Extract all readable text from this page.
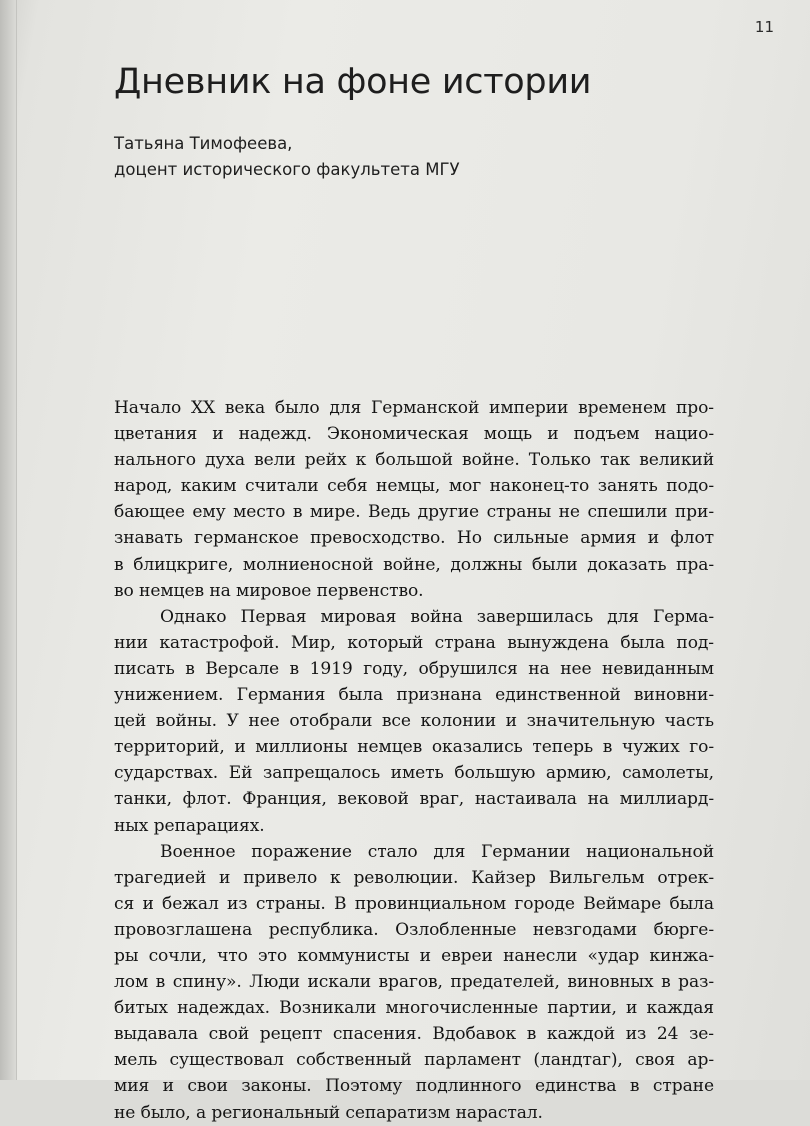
11
Дневник на фоне истории
Татьяна Тимофеева,
доцент исторического факультета МГУ
Начало XX века было для Германской империи временем про-
цветания и надежд. Экономическая мощь и подъем нацио-
нального духа вели рейх к большой войне. Только так великий
народ, каким считали себя немцы, мог наконец-то занять подо-
бающее ему место в мире. Ведь другие страны не спешили при-
знавать германское превосходство. Но сильные армия и флот
в блицкриге, молниеносной войне, должны были доказать пра-
во немцев на мировое первенство.
Однако Первая мировая война завершилась для Герма-
нии катастрофой. Мир, который страна вынуждена была под-
писать в Версале в 1919 году, обрушился на нее невиданным
унижением. Германия была признана единственной виновни-
цей войны. У нее отобрали все колонии и значительную часть
территорий, и миллионы немцев оказались теперь в чужих го-
сударствах. Ей запрещалось иметь большую армию, самолеты,
танки, флот. Франция, вековой враг, настаивала на миллиард-
ных репарациях.
Военное поражение стало для Германии национальной
трагедией и привело к революции. Кайзер Вильгельм отрек-
ся и бежал из страны. В провинциальном городе Веймаре была
провозглашена республика. Озлобленные невзгодами бюрге-
ры сочли, что это коммунисты и евреи нанесли «удар кинжа-
лом в спину». Люди искали врагов, предателей, виновных в раз-
битых надеждах. Возникали многочисленные партии, и каждая
выдавала свой рецепт спасения. Вдобавок в каждой из 24 зе-
мель существовал собственный парламент (ландтаг), своя ар-
мия и свои законы. Поэтому подлинного единства в стране
не было, а региональный сепаратизм нарастал.
